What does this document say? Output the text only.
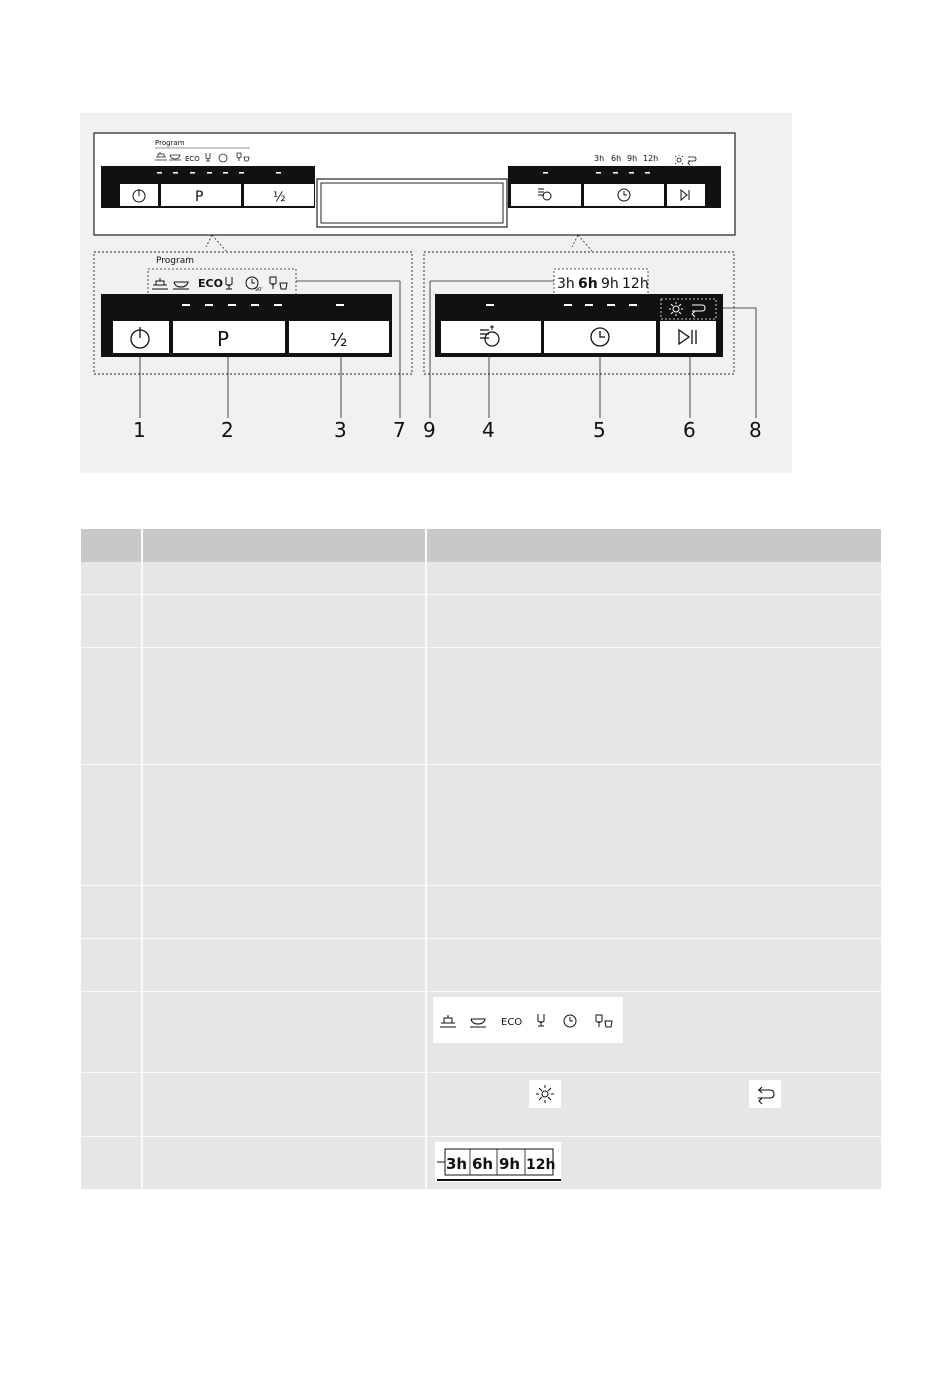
Program
ECO
P	½
3h 6h 9h 12h
Program
ECO	90'
P	½
3h 6h 9h 12h
1	2	3 7 9 4	5	6	8
ECO
3h 6h 9h 12h
